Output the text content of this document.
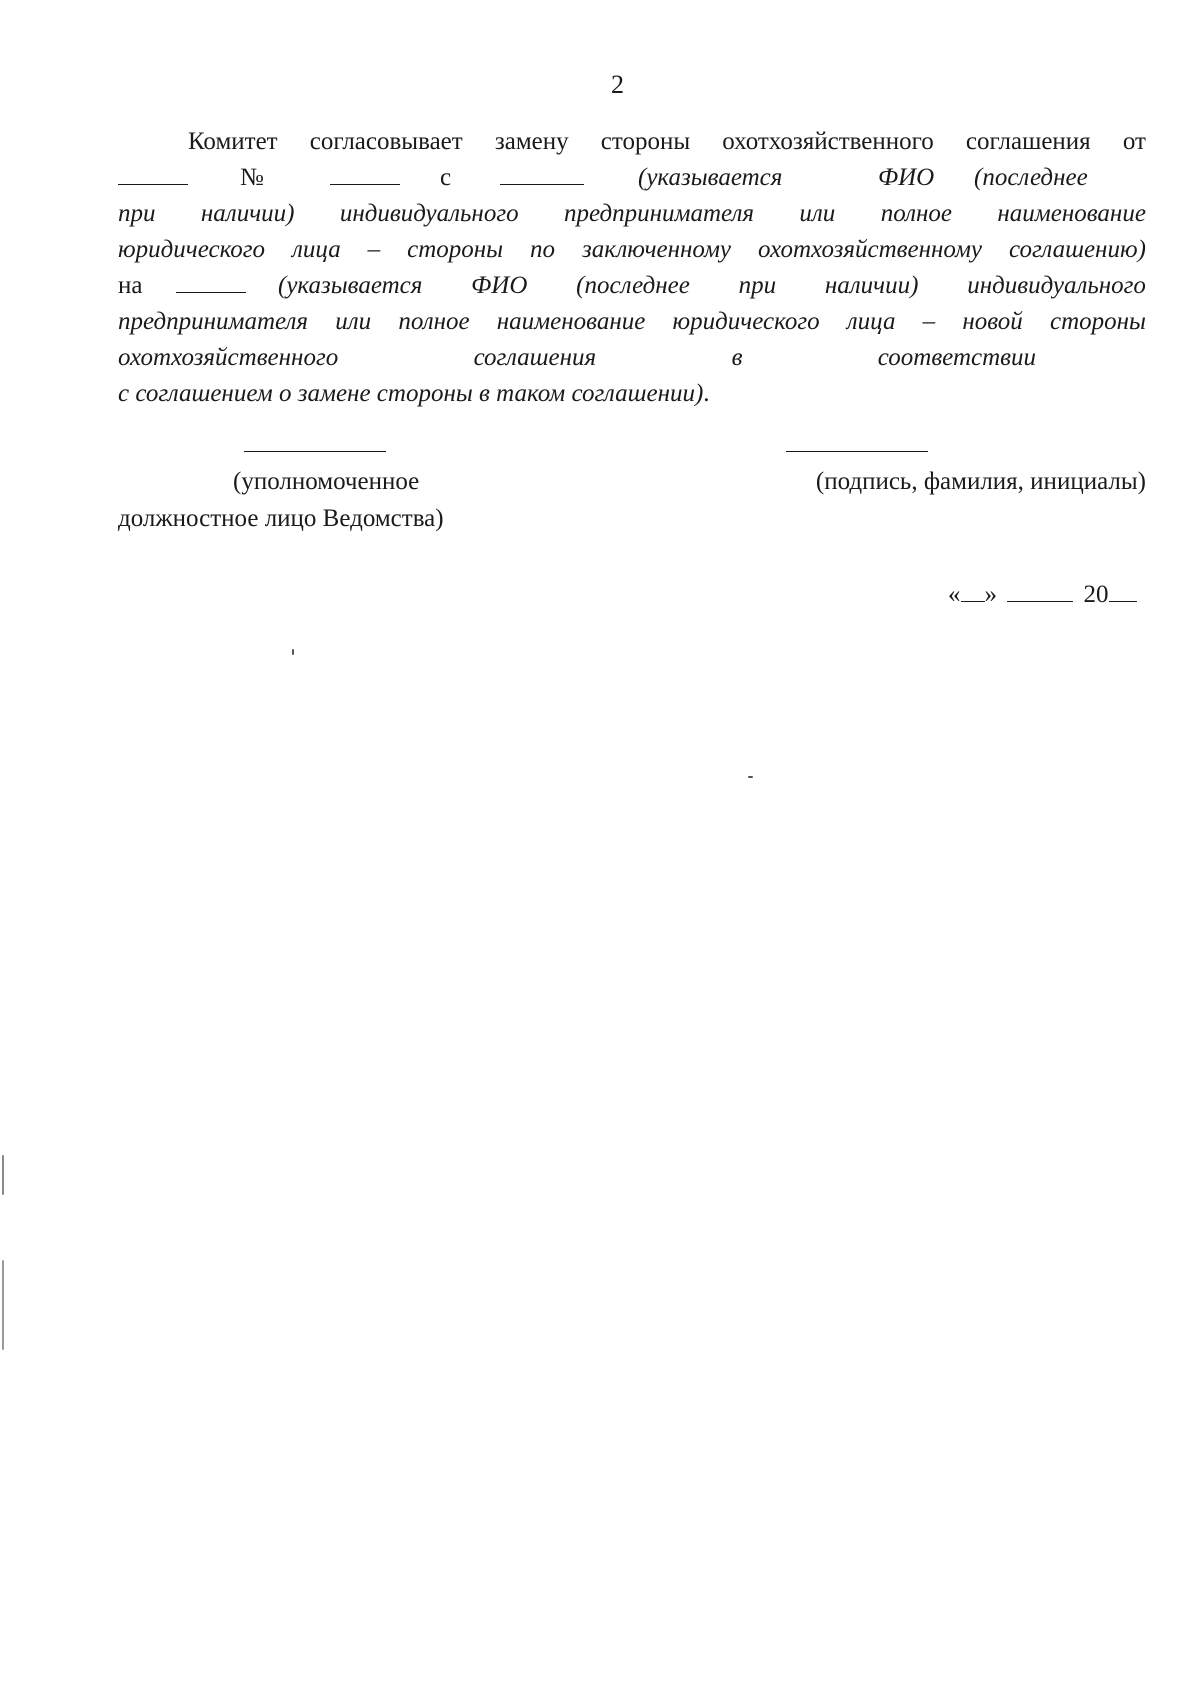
2
Комитет согласовывает замену стороны охотхозяйственного соглашения от
№	с	(указывается	ФИО (последнее
при наличии) индивидуального предпринимателя или полное наименование
юридического лица – стороны по заключенному охотхозяйственному соглашению)
на	(указывается ФИО (последнее при наличии) индивидуального
предпринимателя или полное наименование юридического лица – новой стороны
охотхозяйственного	соглашения	в	соответствии
с соглашением о замене стороны в таком соглашении).
(уполномоченное
должностное лицо Ведомства)
(подпись, фамилия, инициалы)
« »	20
